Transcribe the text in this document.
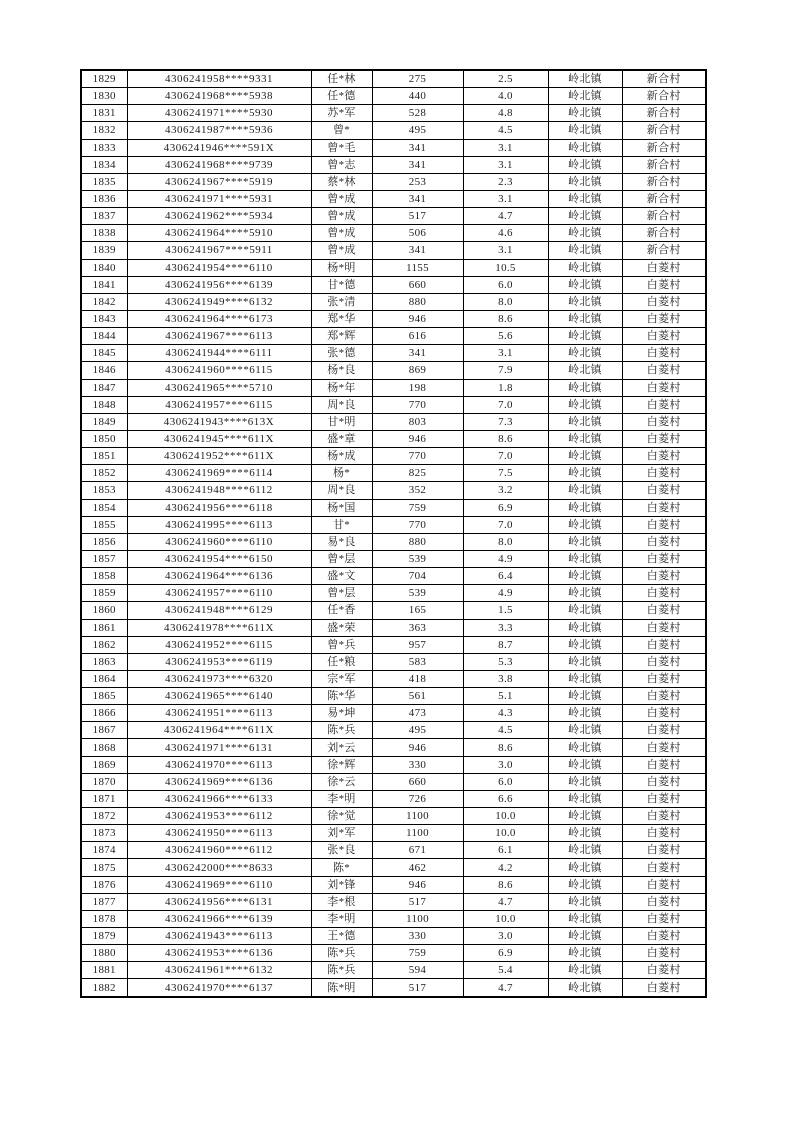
1829	4306241958****9331	任*林	275	2.5	岭北镇	新合村
1830	4306241968****5938	任*德	440	4.0	岭北镇	新合村
1831	4306241971****5930	苏*军	528	4.8	岭北镇	新合村
1832	4306241987****5936	曾*	495	4.5	岭北镇	新合村
1833	4306241946****591X	曾*毛	341	3.1	岭北镇	新合村
1834	4306241968****9739	曾*志	341	3.1	岭北镇	新合村
1835	4306241967****5919	蔡*林	253	2.3	岭北镇	新合村
1836	4306241971****5931	曾*成	341	3.1	岭北镇	新合村
1837	4306241962****5934	曾*成	517	4.7	岭北镇	新合村
1838	4306241964****5910	曾*成	506	4.6	岭北镇	新合村
1839	4306241967****5911	曾*成	341	3.1	岭北镇	新合村
1840	4306241954****6110	杨*明	1155	10.5	岭北镇	白菱村
1841	4306241956****6139	甘*德	660	6.0	岭北镇	白菱村
1842	4306241949****6132	张*清	880	8.0	岭北镇	白菱村
1843	4306241964****6173	郑*华	946	8.6	岭北镇	白菱村
1844	4306241967****6113	郑*辉	616	5.6	岭北镇	白菱村
1845	4306241944****6111	张*德	341	3.1	岭北镇	白菱村
1846	4306241960****6115	杨*良	869	7.9	岭北镇	白菱村
1847	4306241965****5710	杨*年	198	1.8	岭北镇	白菱村
1848	4306241957****6115	周*良	770	7.0	岭北镇	白菱村
1849	4306241943****613X	甘*明	803	7.3	岭北镇	白菱村
1850	4306241945****611X	盛*章	946	8.6	岭北镇	白菱村
1851	4306241952****611X	杨*成	770	7.0	岭北镇	白菱村
1852	4306241969****6114	杨*	825	7.5	岭北镇	白菱村
1853	4306241948****6112	周*良	352	3.2	岭北镇	白菱村
1854	4306241956****6118	杨*国	759	6.9	岭北镇	白菱村
1855	4306241995****6113	甘*	770	7.0	岭北镇	白菱村
1856	4306241960****6110	易*良	880	8.0	岭北镇	白菱村
1857	4306241954****6150	曾*层	539	4.9	岭北镇	白菱村
1858	4306241964****6136	盛*文	704	6.4	岭北镇	白菱村
1859	4306241957****6110	曾*层	539	4.9	岭北镇	白菱村
1860	4306241948****6129	任*香	165	1.5	岭北镇	白菱村
1861	4306241978****611X	盛*荣	363	3.3	岭北镇	白菱村
1862	4306241952****6115	曾*兵	957	8.7	岭北镇	白菱村
1863	4306241953****6119	任*粮	583	5.3	岭北镇	白菱村
1864	4306241973****6320	宗*军	418	3.8	岭北镇	白菱村
1865	4306241965****6140	陈*华	561	5.1	岭北镇	白菱村
1866	4306241951****6113	易*坤	473	4.3	岭北镇	白菱村
1867	4306241964****611X	陈*兵	495	4.5	岭北镇	白菱村
1868	4306241971****6131	刘*云	946	8.6	岭北镇	白菱村
1869	4306241970****6113	徐*辉	330	3.0	岭北镇	白菱村
1870	4306241969****6136	徐*云	660	6.0	岭北镇	白菱村
1871	4306241966****6133	李*明	726	6.6	岭北镇	白菱村
1872	4306241953****6112	徐*觉	1100	10.0	岭北镇	白菱村
1873	4306241950****6113	刘*军	1100	10.0	岭北镇	白菱村
1874	4306241960****6112	张*良	671	6.1	岭北镇	白菱村
1875	4306242000****8633	陈*	462	4.2	岭北镇	白菱村
1876	4306241969****6110	刘*锋	946	8.6	岭北镇	白菱村
1877	4306241956****6131	李*根	517	4.7	岭北镇	白菱村
1878	4306241966****6139	李*明	1100	10.0	岭北镇	白菱村
1879	4306241943****6113	王*德	330	3.0	岭北镇	白菱村
1880	4306241953****6136	陈*兵	759	6.9	岭北镇	白菱村
1881	4306241961****6132	陈*兵	594	5.4	岭北镇	白菱村
1882	4306241970****6137	陈*明	517	4.7	岭北镇	白菱村
